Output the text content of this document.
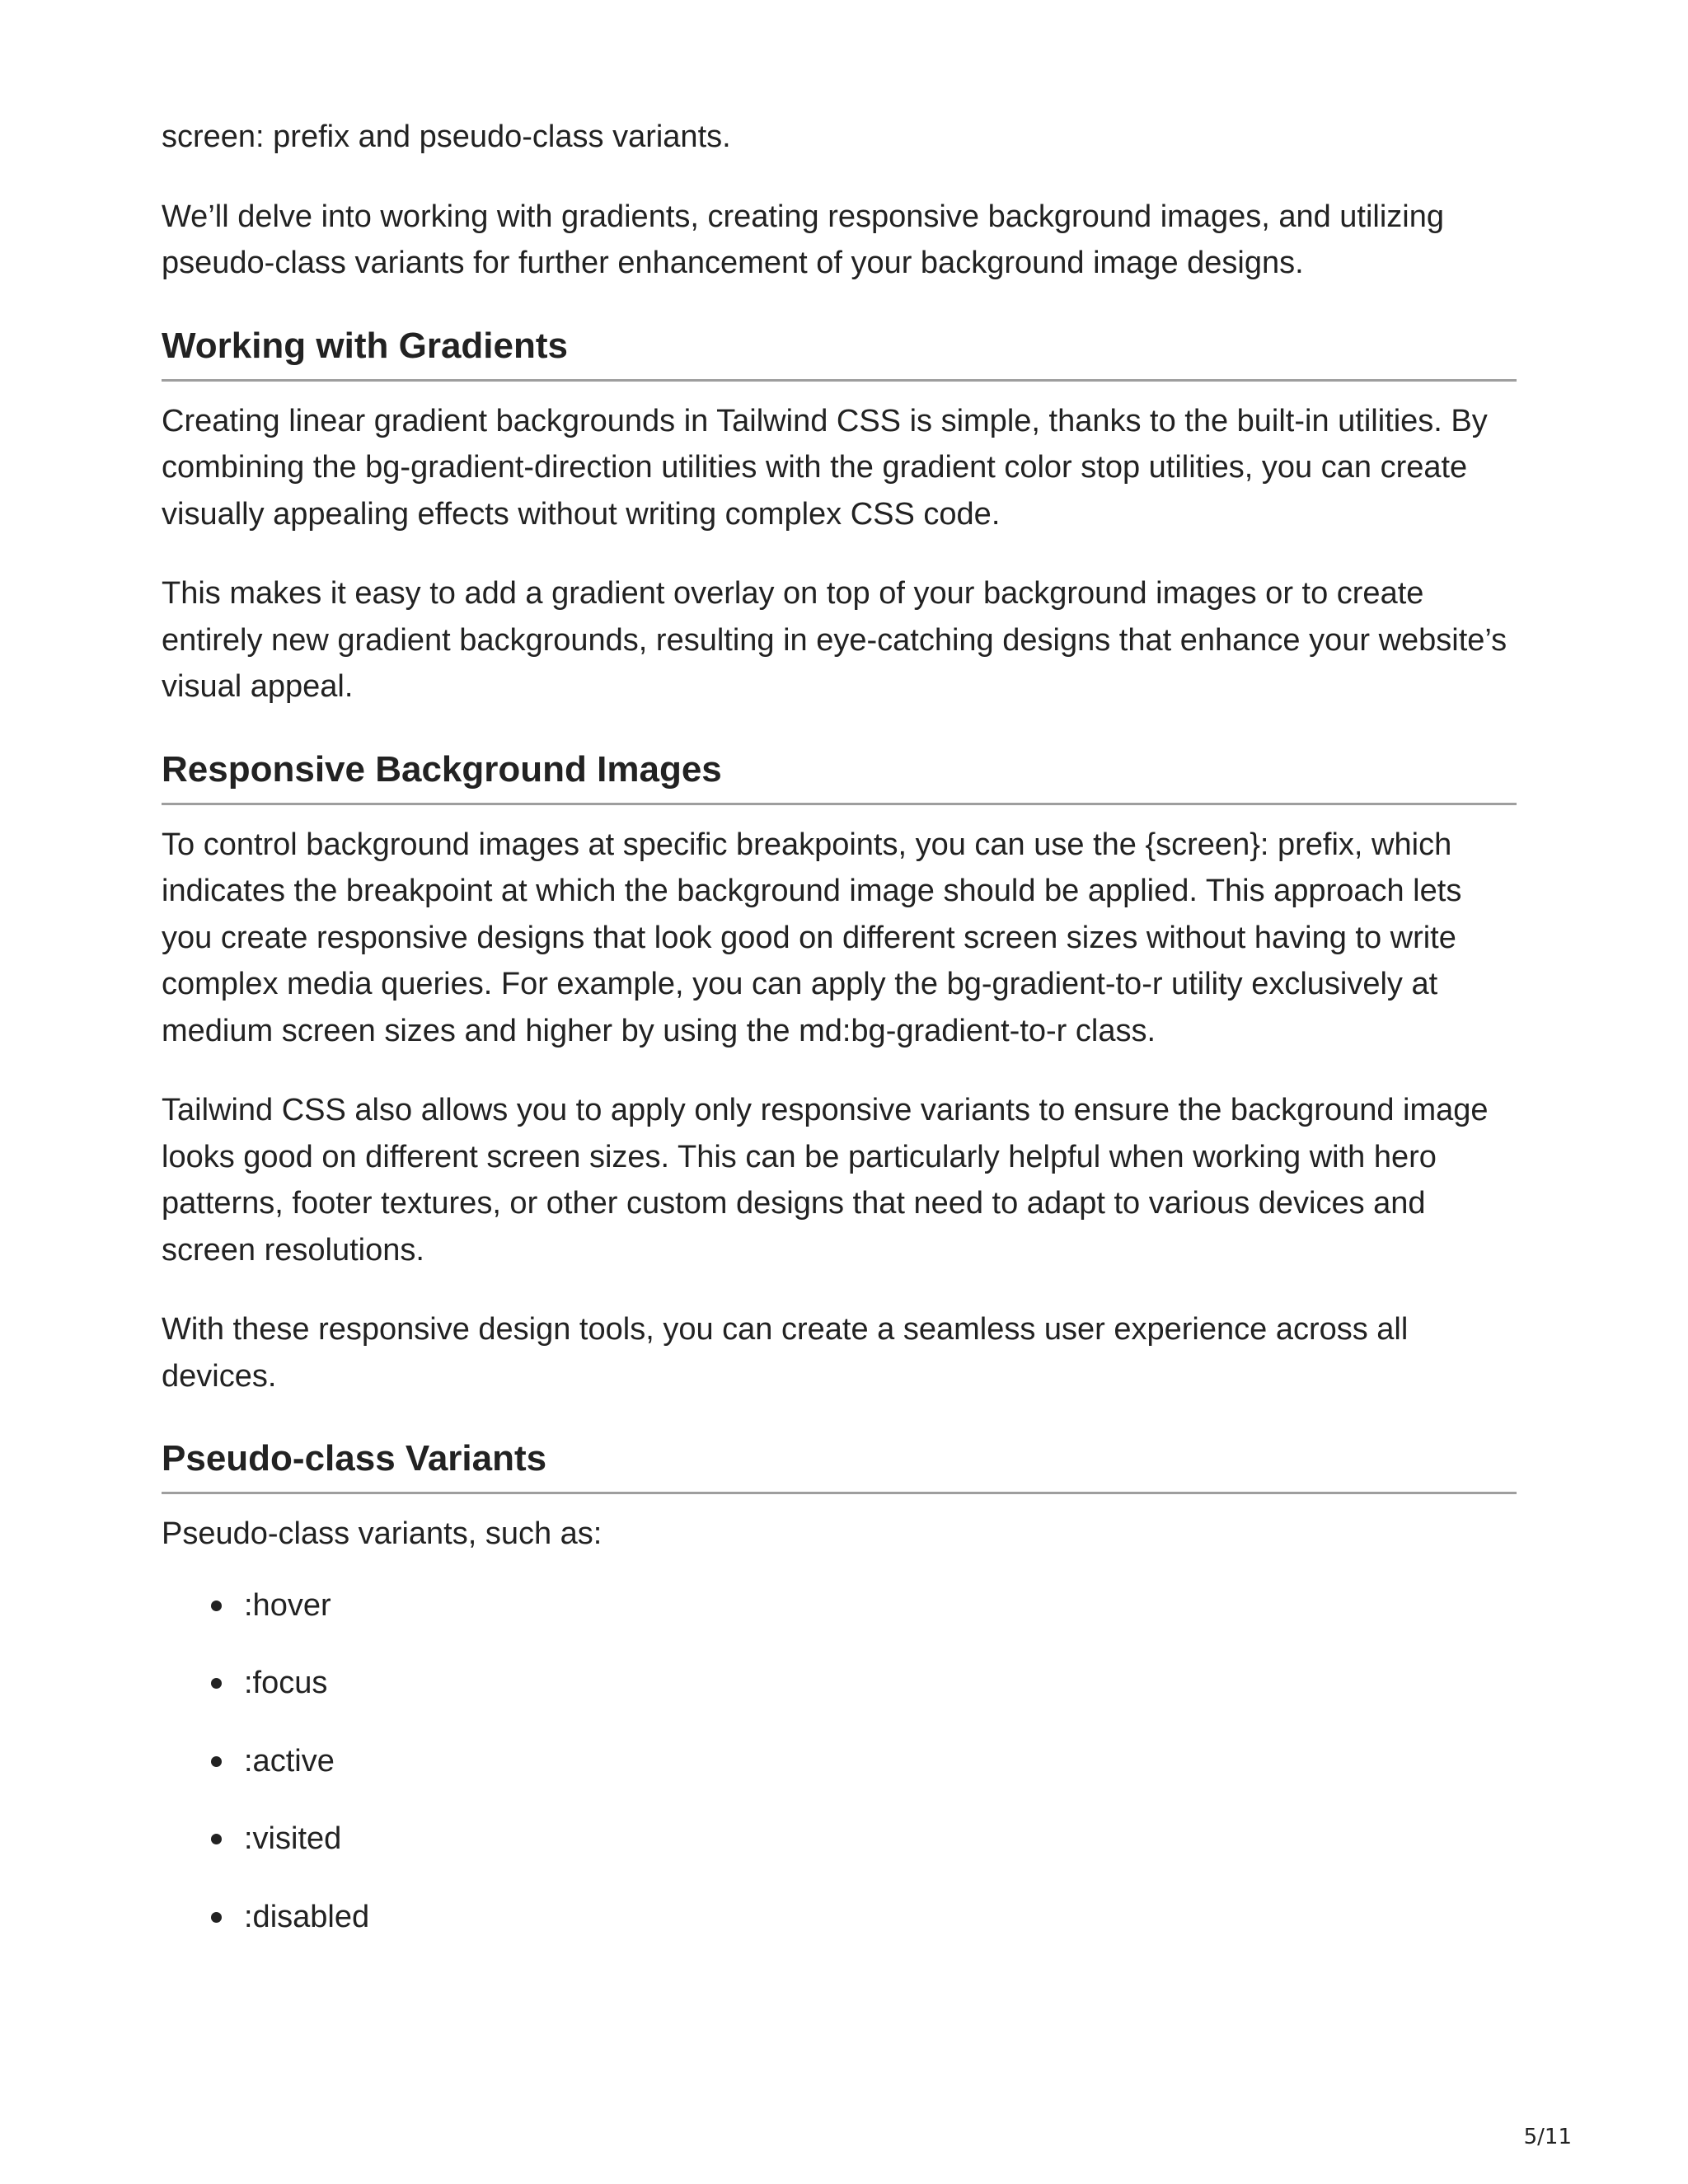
screen: prefix and pseudo-class variants.

We’ll delve into working with gradients, creating responsive background images, and utilizing pseudo-class variants for further enhancement of your background image designs.

Working with Gradients

Creating linear gradient backgrounds in Tailwind CSS is simple, thanks to the built-in utilities. By combining the bg-gradient-direction utilities with the gradient color stop utilities, you can create visually appealing effects without writing complex CSS code.

This makes it easy to add a gradient overlay on top of your background images or to create entirely new gradient backgrounds, resulting in eye-catching designs that enhance your website’s visual appeal.

Responsive Background Images

To control background images at specific breakpoints, you can use the {screen}: prefix, which indicates the breakpoint at which the background image should be applied. This approach lets you create responsive designs that look good on different screen sizes without having to write complex media queries. For example, you can apply the bg-gradient-to-r utility exclusively at medium screen sizes and higher by using the md:bg-gradient-to-r class.

Tailwind CSS also allows you to apply only responsive variants to ensure the background image looks good on different screen sizes. This can be particularly helpful when working with hero patterns, footer textures, or other custom designs that need to adapt to various devices and screen resolutions.

With these responsive design tools, you can create a seamless user experience across all devices.

Pseudo-class Variants

Pseudo-class variants, such as:

:hover
:focus
:active
:visited
:disabled
5/11
